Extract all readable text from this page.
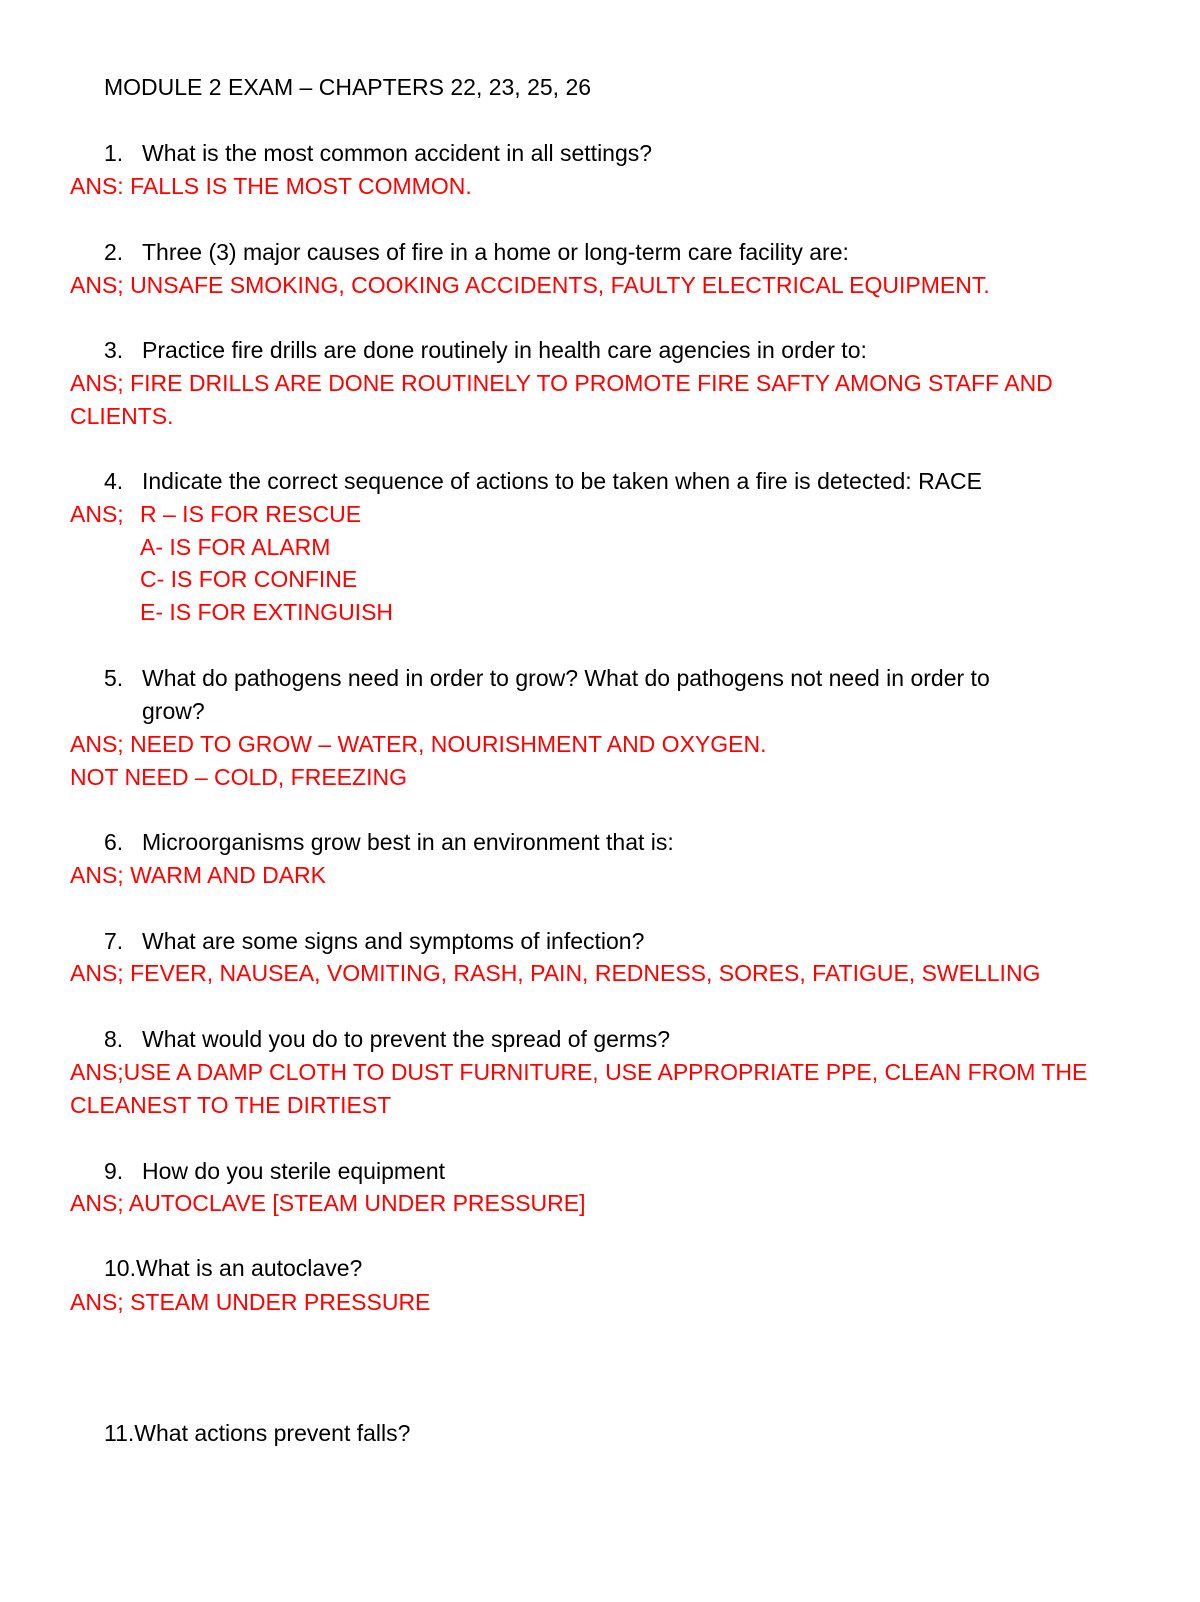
MODULE 2 EXAM – CHAPTERS 22, 23, 25, 26
1. What is the most common accident in all settings?
ANS: FALLS IS THE MOST COMMON.
2. Three (3) major causes of fire in a home or long-term care facility are:
ANS; UNSAFE SMOKING, COOKING ACCIDENTS, FAULTY ELECTRICAL EQUIPMENT.
3. Practice fire drills are done routinely in health care agencies in order to:
ANS; FIRE DRILLS ARE DONE ROUTINELY TO PROMOTE FIRE SAFTY AMONG STAFF AND
CLIENTS.
4. Indicate the correct sequence of actions to be taken when a fire is detected: RACE
ANS; R – IS FOR RESCUE
A- IS FOR ALARM
C- IS FOR CONFINE
E- IS FOR EXTINGUISH
5. What do pathogens need in order to grow? What do pathogens not need in order to
grow?
ANS; NEED TO GROW – WATER, NOURISHMENT AND OXYGEN.
NOT NEED – COLD, FREEZING
6. Microorganisms grow best in an environment that is:
ANS; WARM AND DARK
7. What are some signs and symptoms of infection?
ANS; FEVER, NAUSEA, VOMITING, RASH, PAIN, REDNESS, SORES, FATIGUE, SWELLING
8. What would you do to prevent the spread of germs?
ANS;USE A DAMP CLOTH TO DUST FURNITURE, USE APPROPRIATE PPE, CLEAN FROM THE
CLEANEST TO THE DIRTIEST
9. How do you sterile equipment
ANS; AUTOCLAVE [STEAM UNDER PRESSURE]
10.What is an autoclave?
ANS; STEAM UNDER PRESSURE
11.What actions prevent falls?
